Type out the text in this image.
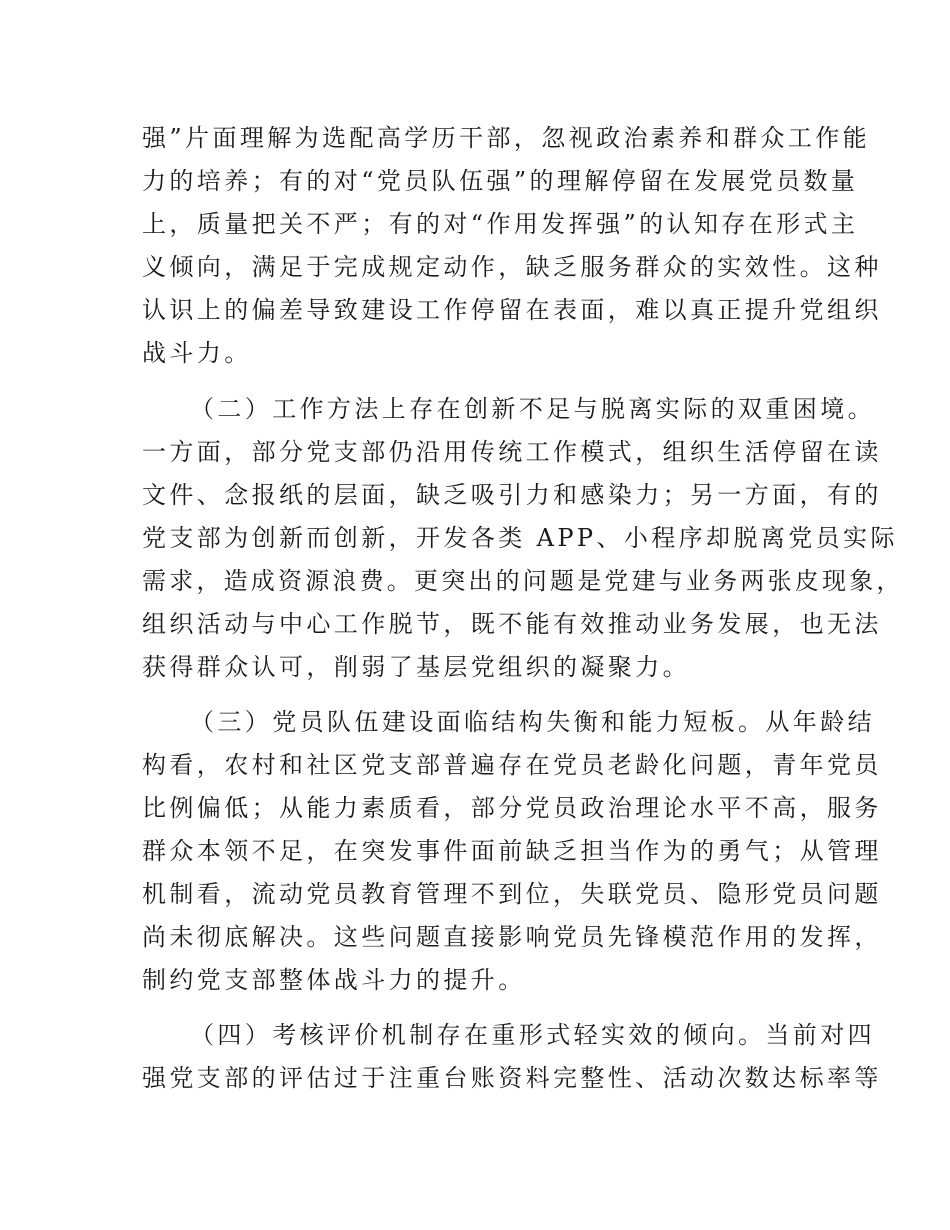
强”片面理解为选配高学历干部，忽视政治素养和群众工作能
力的培养；有的对“党员队伍强”的理解停留在发展党员数量
上，质量把关不严；有的对“作用发挥强”的认知存在形式主
义倾向，满足于完成规定动作，缺乏服务群众的实效性。这种
认识上的偏差导致建设工作停留在表面，难以真正提升党组织
战斗力。
（二）工作方法上存在创新不足与脱离实际的双重困境。
一方面，部分党支部仍沿用传统工作模式，组织生活停留在读
文件、念报纸的层面，缺乏吸引力和感染力；另一方面，有的
党支部为创新而创新，开发各类 APP、小程序却脱离党员实际
需求，造成资源浪费。更突出的问题是党建与业务两张皮现象，
组织活动与中心工作脱节，既不能有效推动业务发展，也无法
获得群众认可，削弱了基层党组织的凝聚力。
（三）党员队伍建设面临结构失衡和能力短板。从年龄结
构看，农村和社区党支部普遍存在党员老龄化问题，青年党员
比例偏低；从能力素质看，部分党员政治理论水平不高，服务
群众本领不足，在突发事件面前缺乏担当作为的勇气；从管理
机制看，流动党员教育管理不到位，失联党员、隐形党员问题
尚未彻底解决。这些问题直接影响党员先锋模范作用的发挥，
制约党支部整体战斗力的提升。
（四）考核评价机制存在重形式轻实效的倾向。当前对四
强党支部的评估过于注重台账资料完整性、活动次数达标率等
